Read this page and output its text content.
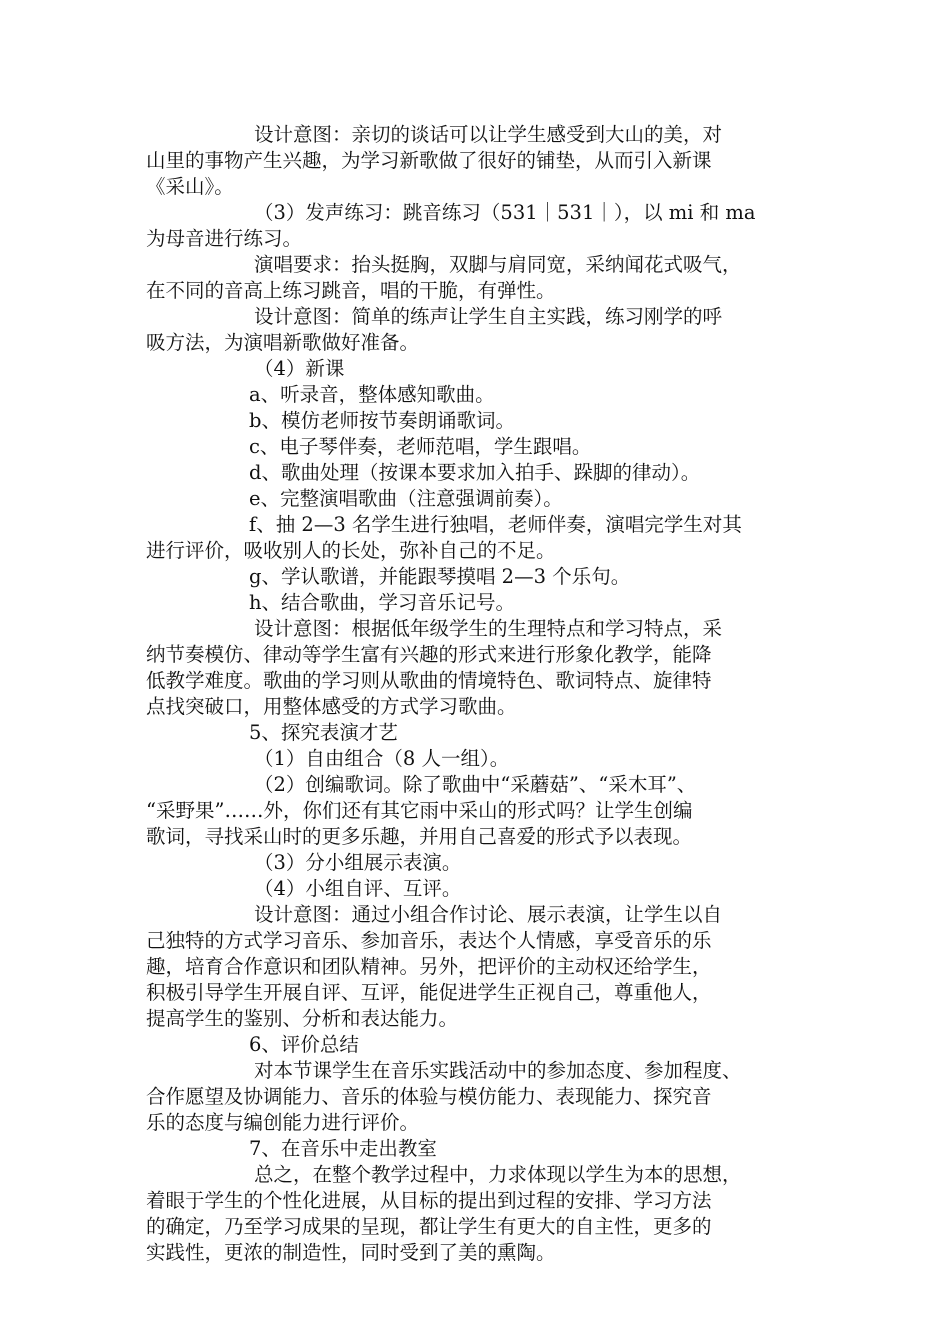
设计意图：亲切的谈话可以让学生感受到大山的美，对
山里的事物产生兴趣，为学习新歌做了很好的铺垫，从而引入新课
《采山》。
（3）发声练习：跳音练习（531｜531｜），以 mi 和 ma
为母音进行练习。
演唱要求：抬头挺胸，双脚与肩同宽，采纳闻花式吸气，
在不同的音高上练习跳音，唱的干脆，有弹性。
设计意图：简单的练声让学生自主实践，练习刚学的呼
吸方法，为演唱新歌做好准备。
（4）新课
a、听录音，整体感知歌曲。
b、模仿老师按节奏朗诵歌词。
c、电子琴伴奏，老师范唱，学生跟唱。
d、歌曲处理（按课本要求加入拍手、跺脚的律动）。
e、完整演唱歌曲（注意强调前奏）。
f、抽 2—3 名学生进行独唱，老师伴奏，演唱完学生对其
进行评价，吸收别人的长处，弥补自己的不足。
g、学认歌谱，并能跟琴摸唱 2—3 个乐句。
h、结合歌曲，学习音乐记号。
设计意图：根据低年级学生的生理特点和学习特点，采
纳节奏模仿、律动等学生富有兴趣的形式来进行形象化教学，能降
低教学难度。歌曲的学习则从歌曲的情境特色、歌词特点、旋律特
点找突破口，用整体感受的方式学习歌曲。
5、探究表演才艺
（1）自由组合（8 人一组）。
（2）创编歌词。除了歌曲中“采蘑菇”、“采木耳”、
“采野果”……外，你们还有其它雨中采山的形式吗？让学生创编
歌词，寻找采山时的更多乐趣，并用自己喜爱的形式予以表现。
（3）分小组展示表演。
（4）小组自评、互评。
设计意图：通过小组合作讨论、展示表演，让学生以自
己独特的方式学习音乐、参加音乐，表达个人情感，享受音乐的乐
趣，培育合作意识和团队精神。另外，把评价的主动权还给学生，
积极引导学生开展自评、互评，能促进学生正视自己，尊重他人，
提高学生的鉴别、分析和表达能力。
6、评价总结
对本节课学生在音乐实践活动中的参加态度、参加程度、
合作愿望及协调能力、音乐的体验与模仿能力、表现能力、探究音
乐的态度与编创能力进行评价。
7、在音乐中走出教室
总之，在整个教学过程中，力求体现以学生为本的思想，
着眼于学生的个性化进展，从目标的提出到过程的安排、学习方法
的确定，乃至学习成果的呈现，都让学生有更大的自主性，更多的
实践性，更浓的制造性，同时受到了美的熏陶。
